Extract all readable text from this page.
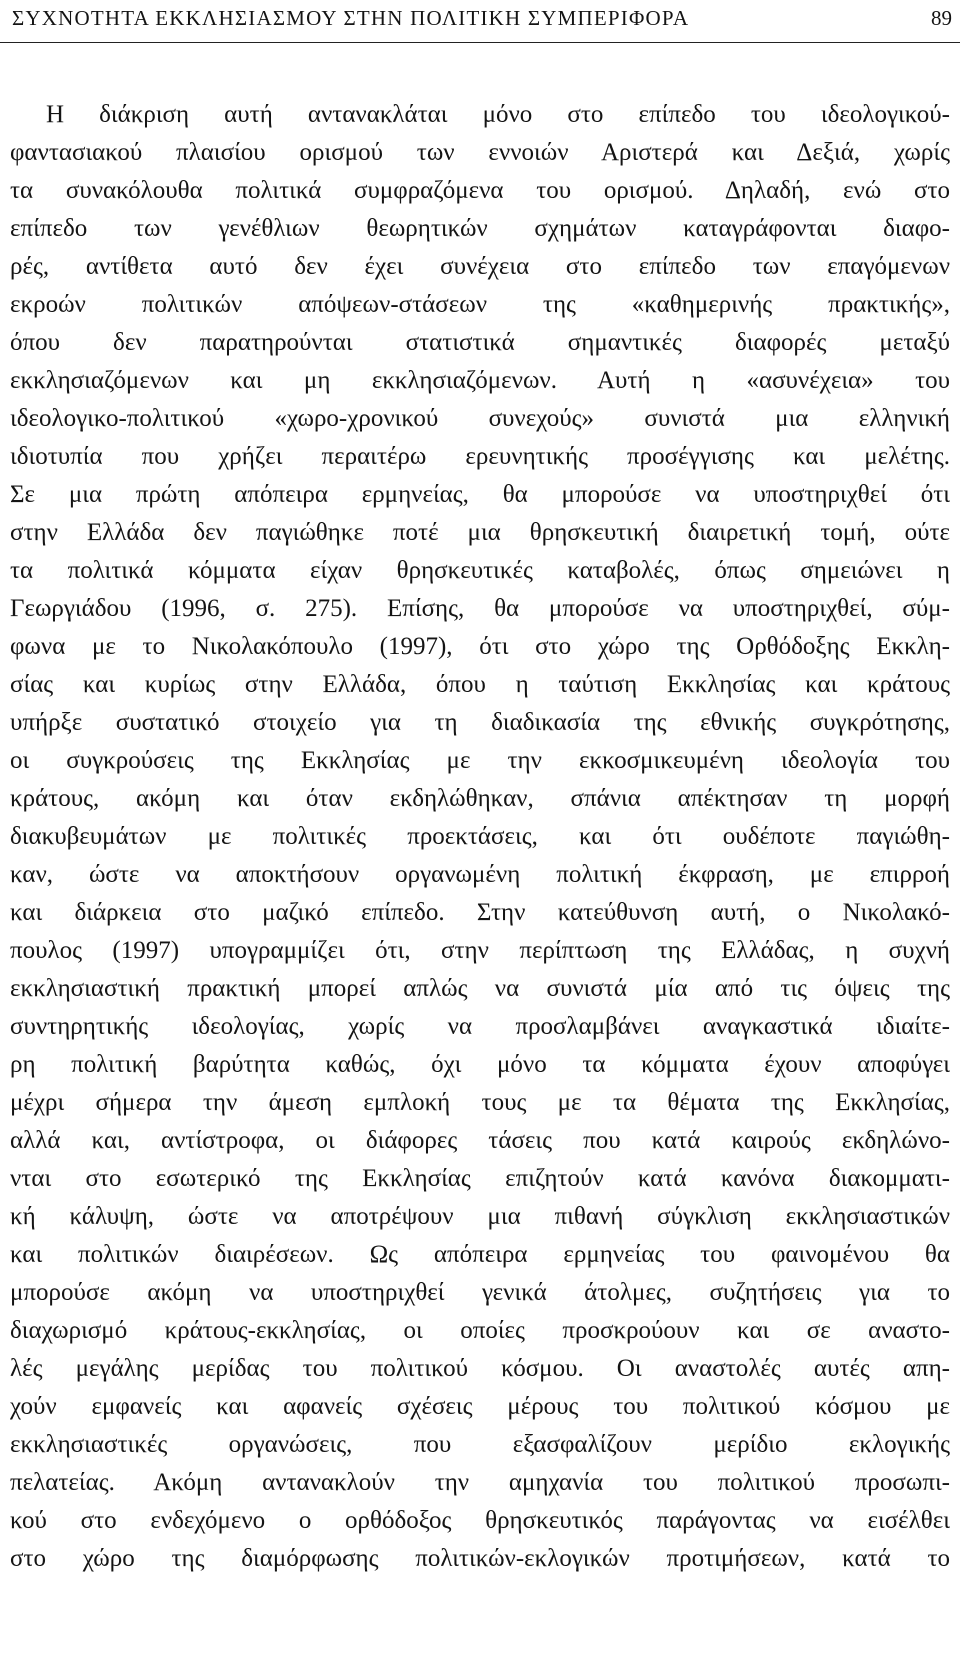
ΣΥΧΝΟΤΗΤΑ ΕΚΚΛΗΣΙΑΣΜΟΥ ΣΤΗΝ ΠΟΛΙΤΙΚΗ ΣΥΜΠΕΡΙΦΟΡΑ	89
Η διάκριση αυτή αντανακλάται μόνο στο επίπεδο του ιδεολογικού-
φαντασιακού πλαισίου ορισμού των εννοιών Αριστερά και Δεξιά, χωρίς
τα συνακόλουθα πολιτικά συμφραζόμενα του ορισμού. Δηλαδή, ενώ στο
επίπεδο των γενέθλιων θεωρητικών σχημάτων καταγράφονται διαφο-
ρές, αντίθετα αυτό δεν έχει συνέχεια στο επίπεδο των επαγόμενων
εκροών πολιτικών απόψεων-στάσεων της «καθημερινής πρακτικής»,
όπου δεν παρατηρούνται στατιστικά σημαντικές διαφορές μεταξύ
εκκλησιαζόμενων και μη εκκλησιαζόμενων. Αυτή η «ασυνέχεια» του
ιδεολογικο-πολιτικού «χωρο-χρονικού συνεχούς» συνιστά μια ελληνική
ιδιοτυπία που χρήζει περαιτέρω ερευνητικής προσέγγισης και μελέτης.
Σε μια πρώτη απόπειρα ερμηνείας, θα μπορούσε να υποστηριχθεί ότι
στην Ελλάδα δεν παγιώθηκε ποτέ μια θρησκευτική διαιρετική τομή, ούτε
τα πολιτικά κόμματα είχαν θρησκευτικές καταβολές, όπως σημειώνει η
Γεωργιάδου (1996, σ. 275). Επίσης, θα μπορούσε να υποστηριχθεί, σύμ-
φωνα με το Νικολακόπουλο (1997), ότι στο χώρο της Ορθόδοξης Εκκλη-
σίας και κυρίως στην Ελλάδα, όπου η ταύτιση Εκκλησίας και κράτους
υπήρξε συστατικό στοιχείο για τη διαδικασία της εθνικής συγκρότησης,
οι συγκρούσεις της Εκκλησίας με την εκκοσμικευμένη ιδεολογία του
κράτους, ακόμη και όταν εκδηλώθηκαν, σπάνια απέκτησαν τη μορφή
διακυβευμάτων με πολιτικές προεκτάσεις, και ότι ουδέποτε παγιώθη-
καν, ώστε να αποκτήσουν οργανωμένη πολιτική έκφραση, με επιρροή
και διάρκεια στο μαζικό επίπεδο. Στην κατεύθυνση αυτή, ο Νικολακό-
πουλος (1997) υπογραμμίζει ότι, στην περίπτωση της Ελλάδας, η συχνή
εκκλησιαστική πρακτική μπορεί απλώς να συνιστά μία από τις όψεις της
συντηρητικής ιδεολογίας, χωρίς να προσλαμβάνει αναγκαστικά ιδιαίτε-
ρη πολιτική βαρύτητα καθώς, όχι μόνο τα κόμματα έχουν αποφύγει
μέχρι σήμερα την άμεση εμπλοκή τους με τα θέματα της Εκκλησίας,
αλλά και, αντίστροφα, οι διάφορες τάσεις που κατά καιρούς εκδηλώνο-
νται στο εσωτερικό της Εκκλησίας επιζητούν κατά κανόνα διακομματι-
κή κάλυψη, ώστε να αποτρέψουν μια πιθανή σύγκλιση εκκλησιαστικών
και πολιτικών διαιρέσεων. Ως απόπειρα ερμηνείας του φαινομένου θα
μπορούσε ακόμη να υποστηριχθεί γενικά άτολμες, συζητήσεις για το
διαχωρισμό κράτους-εκκλησίας, οι οποίες προσκρούουν και σε αναστο-
λές μεγάλης μερίδας του πολιτικού κόσμου. Οι αναστολές αυτές απη-
χούν εμφανείς και αφανείς σχέσεις μέρους του πολιτικού κόσμου με
εκκλησιαστικές οργανώσεις, που εξασφαλίζουν μερίδιο εκλογικής
πελατείας. Ακόμη αντανακλούν την αμηχανία του πολιτικού προσωπι-
κού στο ενδεχόμενο ο ορθόδοξος θρησκευτικός παράγοντας να εισέλθει
στο χώρο της διαμόρφωσης πολιτικών-εκλογικών προτιμήσεων, κατά το
